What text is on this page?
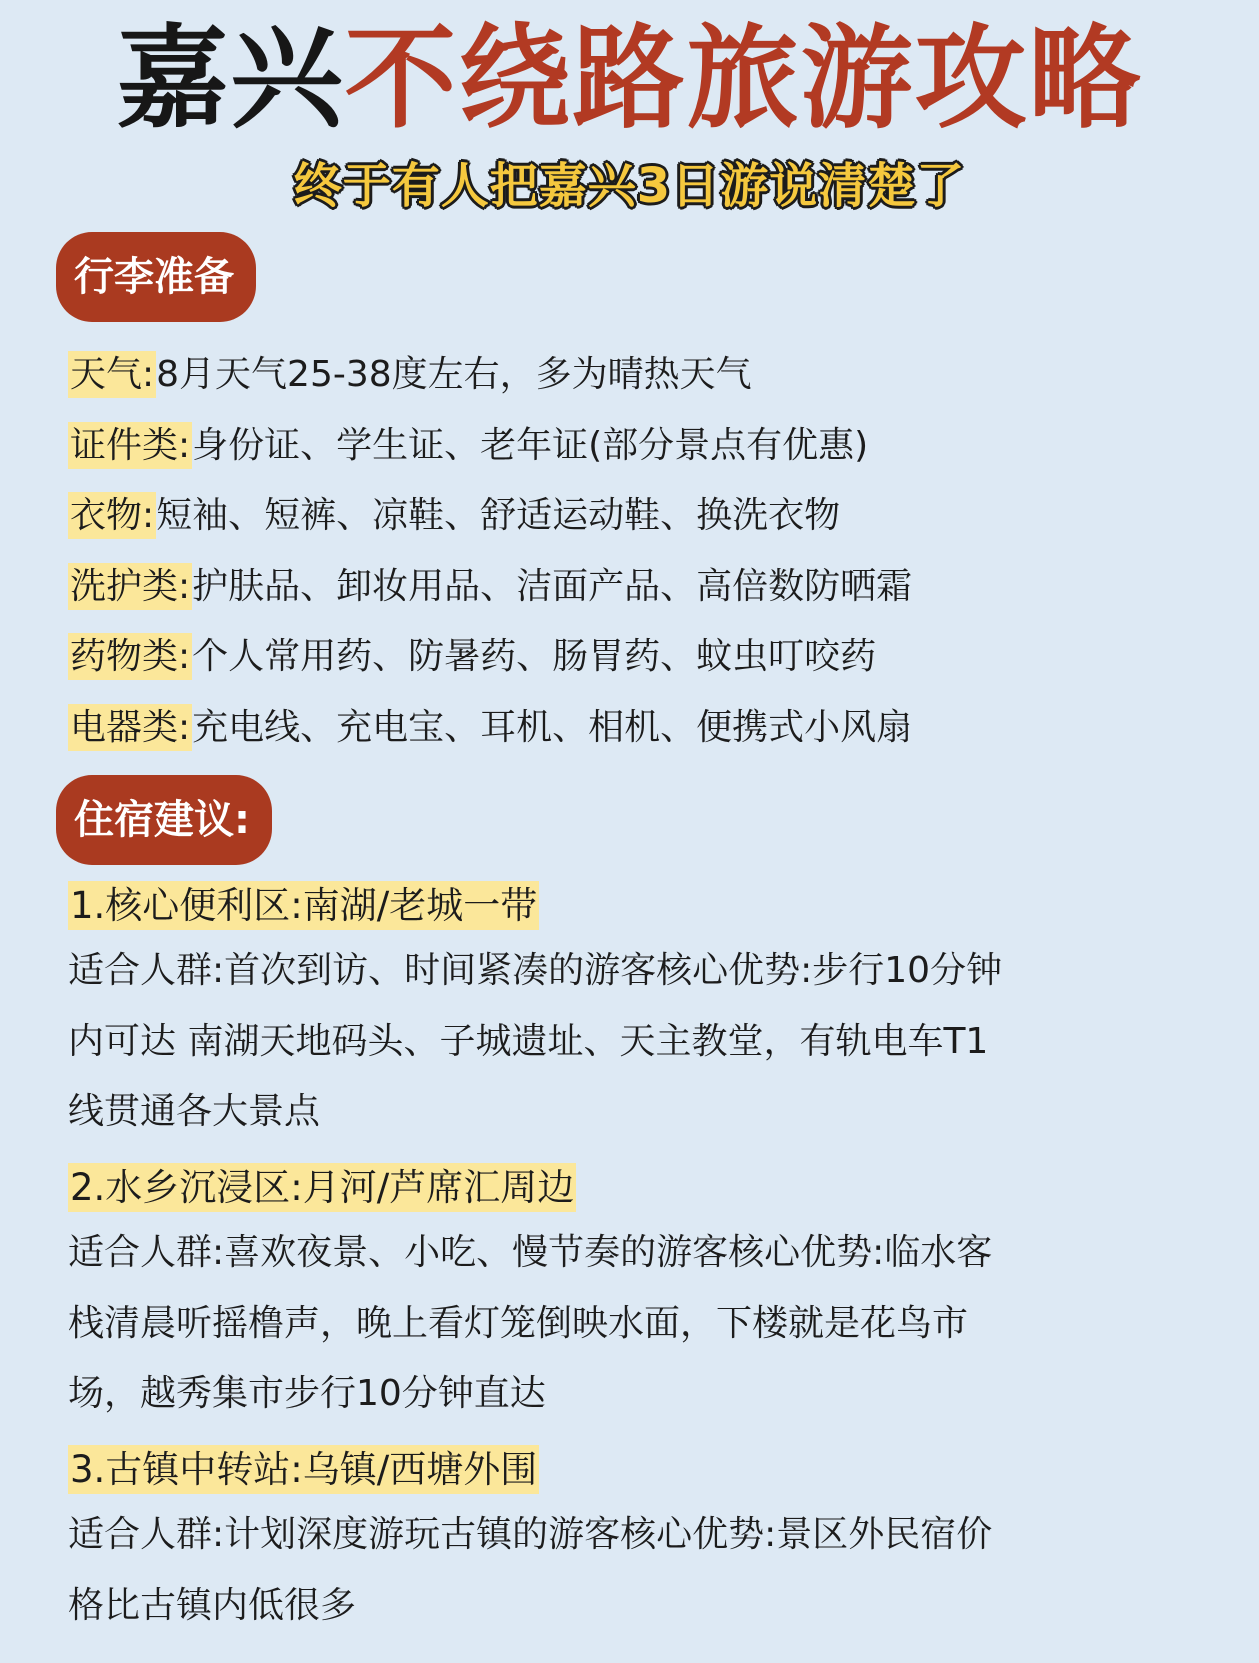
嘉兴不绕路旅游攻略
终于有人把嘉兴3日游说清楚了
行李准备
天气:8月天气25-38度左右，多为晴热天气
证件类:身份证、学生证、老年证(部分景点有优惠)
衣物:短袖、短裤、凉鞋、舒适运动鞋、换洗衣物
洗护类:护肤品、卸妆用品、洁面产品、高倍数防晒霜
药物类:个人常用药、防暑药、肠胃药、蚊虫叮咬药
电器类:充电线、充电宝、耳机、相机、便携式小风扇
住宿建议:
1.核心便利区:南湖/老城一带
适合人群:首次到访、时间紧凑的游客核心优势:步行10分钟
内可达 南湖天地码头、子城遗址、天主教堂，有轨电车T1
线贯通各大景点
2.水乡沉浸区:月河/芦席汇周边
适合人群:喜欢夜景、小吃、慢节奏的游客核心优势:临水客
栈清晨听摇橹声，晚上看灯笼倒映水面，下楼就是花鸟市
场，越秀集市步行10分钟直达
3.古镇中转站:乌镇/西塘外围
适合人群:计划深度游玩古镇的游客核心优势:景区外民宿价
格比古镇内低很多
